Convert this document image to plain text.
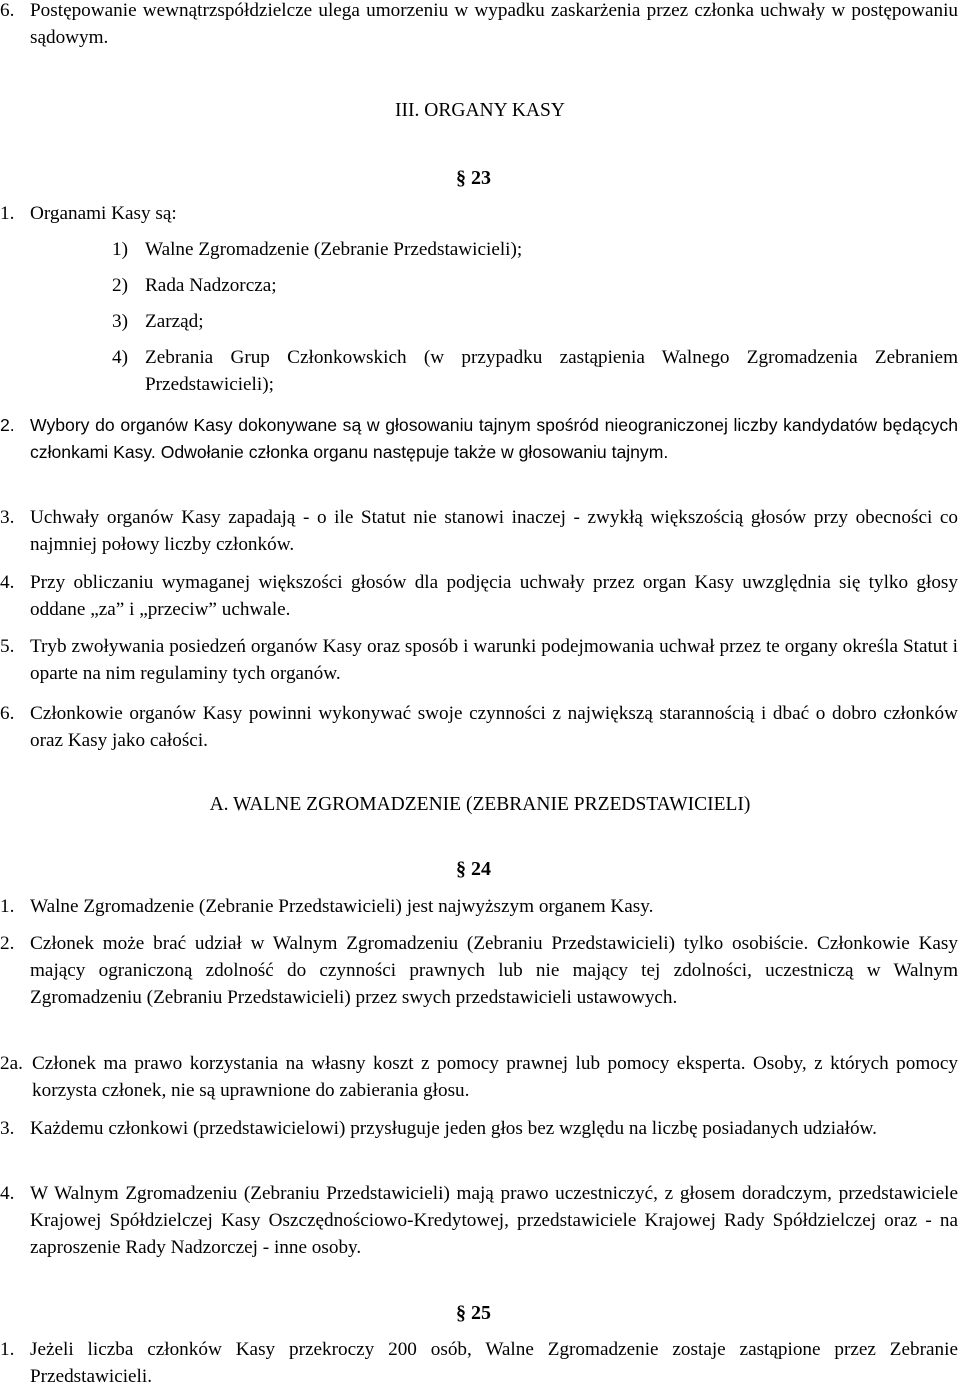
6. Postępowanie wewnątrzspółdzielcze ulega umorzeniu w wypadku zaskarżenia przez członka uchwały w postępowaniu sądowym.
III. ORGANY KASY
§ 23
1. Organami Kasy są:
1) Walne Zgromadzenie (Zebranie Przedstawicieli);
2) Rada Nadzorcza;
3) Zarząd;
4) Zebrania Grup Członkowskich (w przypadku zastąpienia Walnego Zgromadzenia Zebraniem Przedstawicieli);
2. Wybory do organów Kasy dokonywane są w głosowaniu tajnym spośród nieograniczonej liczby kandydatów będących członkami Kasy. Odwołanie członka organu następuje także w głosowaniu tajnym.
3. Uchwały organów Kasy zapadają - o ile Statut nie stanowi inaczej - zwykłą większością głosów przy obecności co najmniej połowy liczby członków.
4. Przy obliczaniu wymaganej większości głosów dla podjęcia uchwały przez organ Kasy uwzględnia się tylko głosy oddane „za” i „przeciw” uchwale.
5. Tryb zwoływania posiedzeń organów Kasy oraz sposób i warunki podejmowania uchwał przez te organy określa Statut i oparte na nim regulaminy tych organów.
6. Członkowie organów Kasy powinni wykonywać swoje czynności z największą starannością i dbać o dobro członków oraz Kasy jako całości.
A. WALNE ZGROMADZENIE (ZEBRANIE PRZEDSTAWICIELI)
§ 24
1. Walne Zgromadzenie (Zebranie Przedstawicieli) jest najwyższym organem Kasy.
2. Członek może brać udział w Walnym Zgromadzeniu (Zebraniu Przedstawicieli) tylko osobiście. Członkowie Kasy mający ograniczoną zdolność do czynności prawnych lub nie mający tej zdolności, uczestniczą w Walnym Zgromadzeniu (Zebraniu Przedstawicieli) przez swych przedstawicieli ustawowych.
2a. Członek ma prawo korzystania na własny koszt z pomocy prawnej lub pomocy eksperta. Osoby, z których pomocy korzysta członek, nie są uprawnione do zabierania głosu.
3. Każdemu członkowi (przedstawicielowi) przysługuje jeden głos bez względu na liczbę posiadanych udziałów.
4. W Walnym Zgromadzeniu (Zebraniu Przedstawicieli) mają prawo uczestniczyć, z głosem doradczym, przedstawiciele Krajowej Spółdzielczej Kasy Oszczędnościowo-Kredytowej, przedstawiciele Krajowej Rady Spółdzielczej oraz - na zaproszenie Rady Nadzorczej - inne osoby.
§ 25
1. Jeżeli liczba członków Kasy przekroczy 200 osób, Walne Zgromadzenie zostaje zastąpione przez Zebranie Przedstawicieli.
